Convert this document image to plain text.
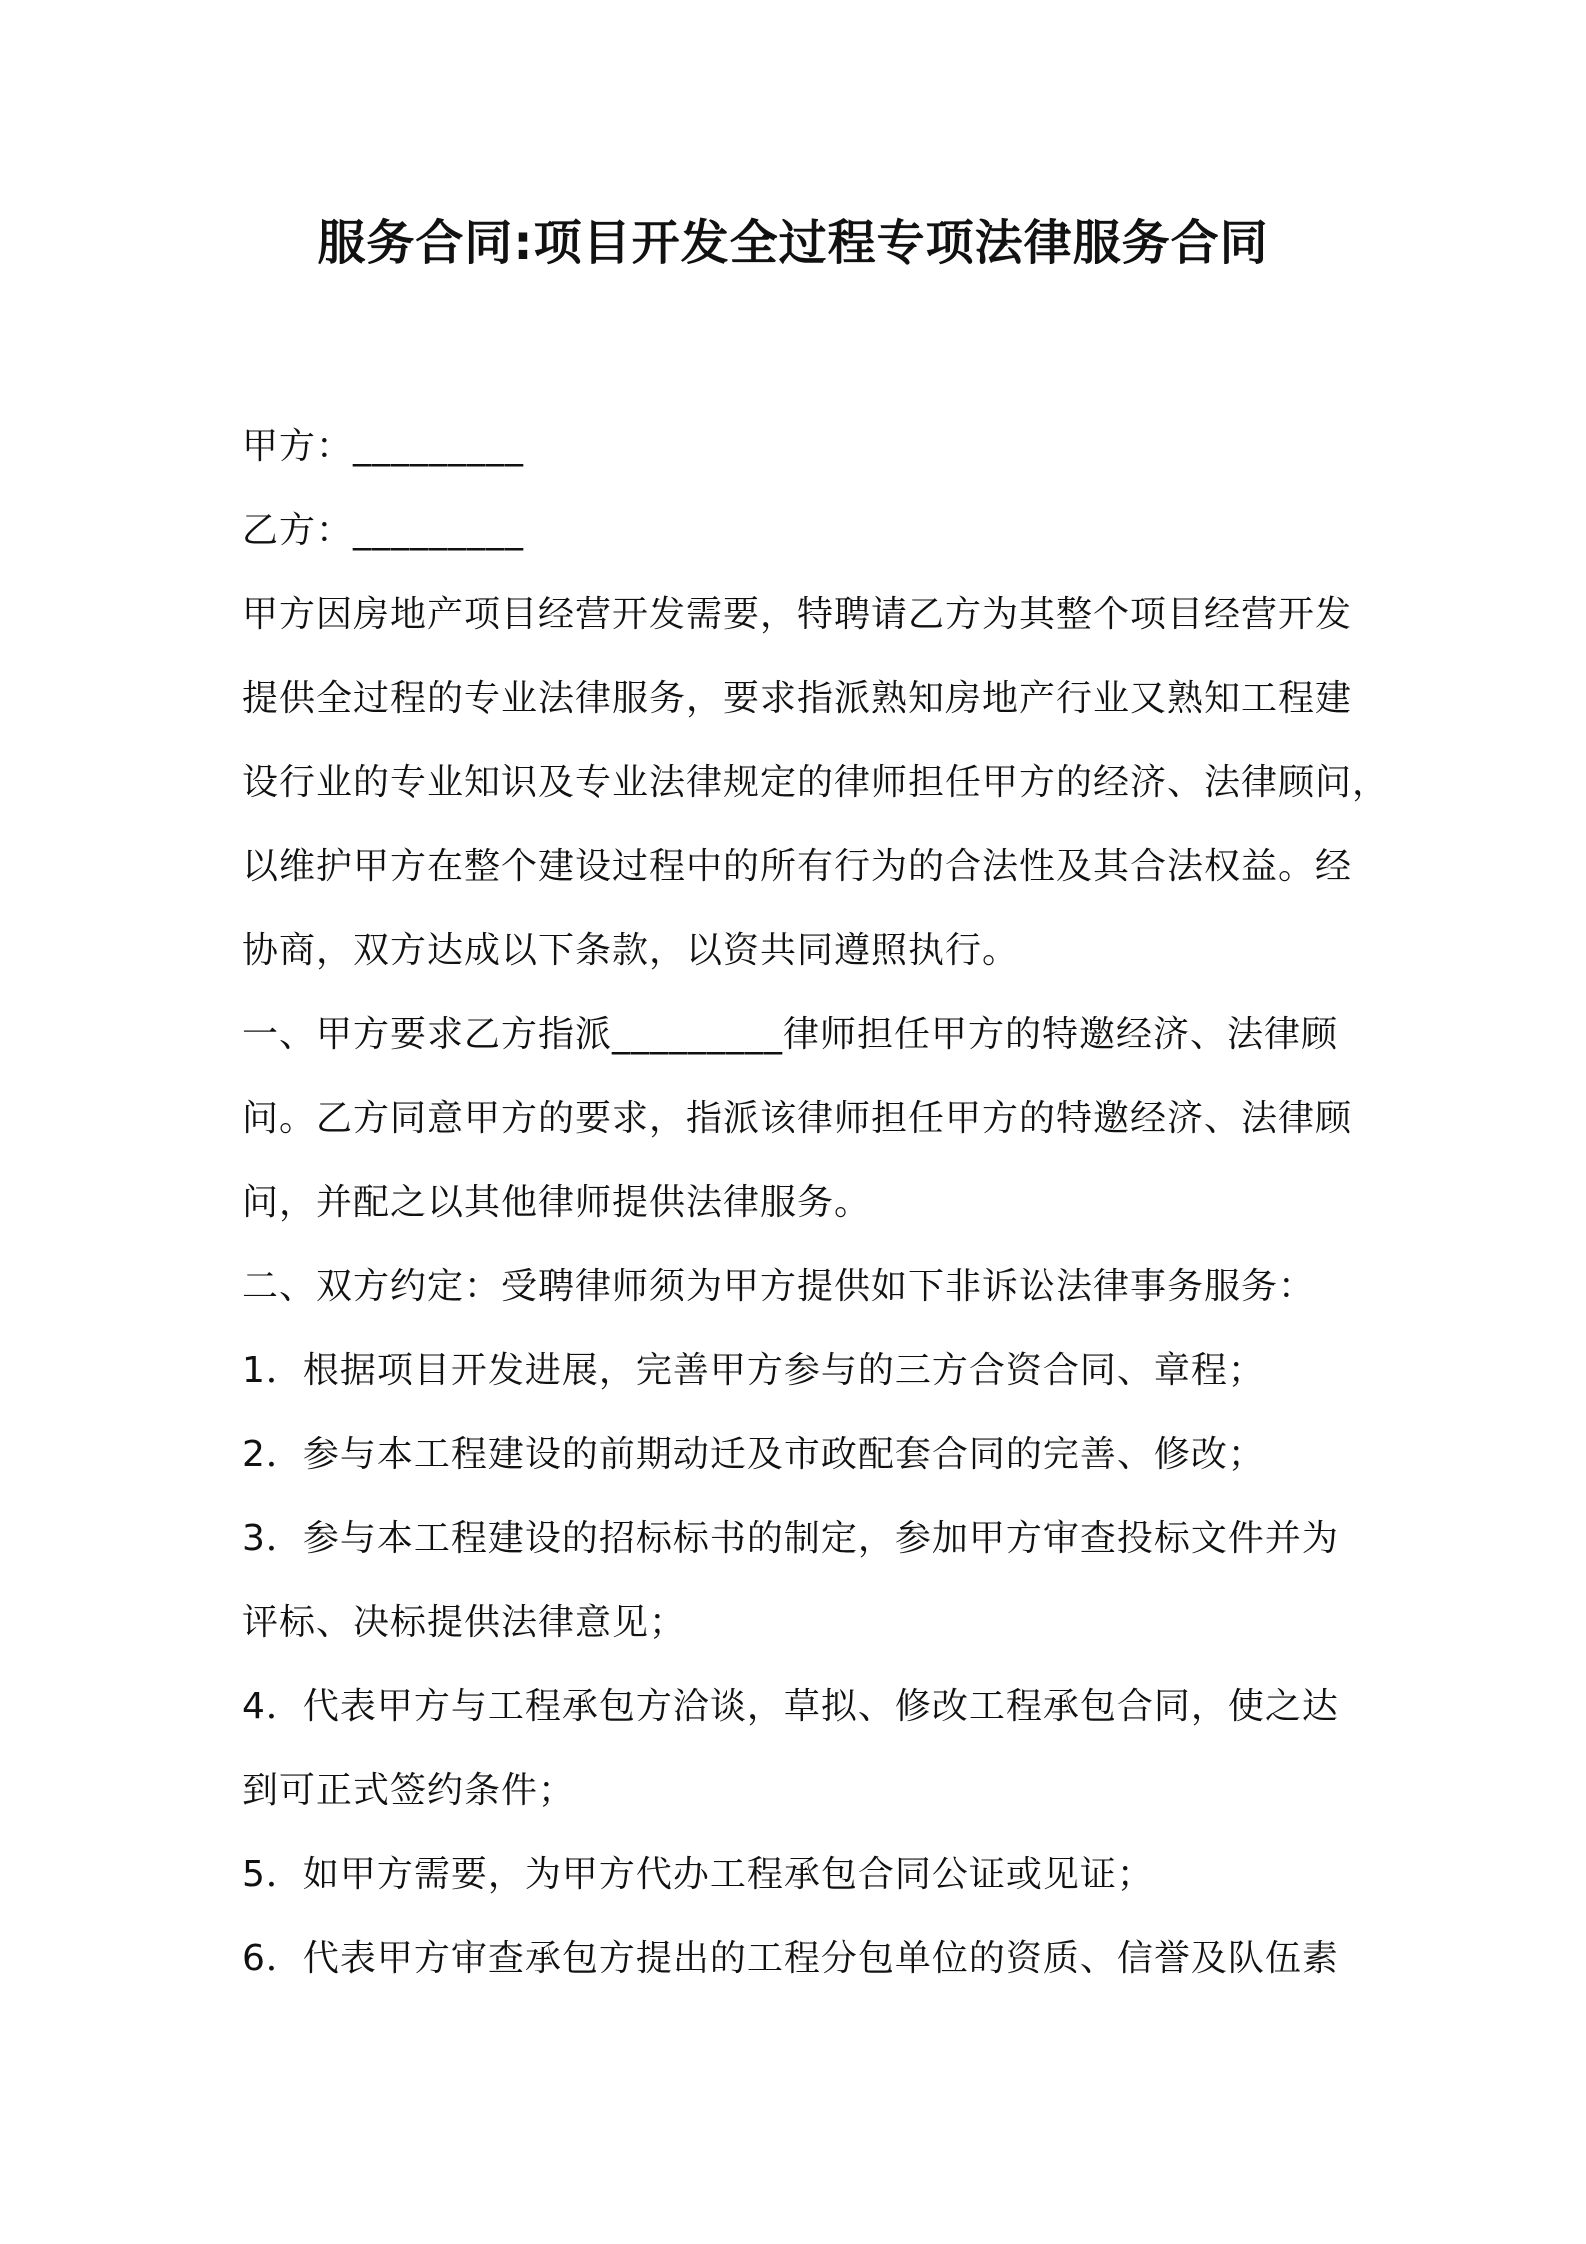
服务合同:项目开发全过程专项法律服务合同
甲方：_________
乙方：_________
甲方因房地产项目经营开发需要，特聘请乙方为其整个项目经营开发
提供全过程的专业法律服务，要求指派熟知房地产行业又熟知工程建
设行业的专业知识及专业法律规定的律师担任甲方的经济、法律顾问，
以维护甲方在整个建设过程中的所有行为的合法性及其合法权益。经
协商，双方达成以下条款，以资共同遵照执行。
一、甲方要求乙方指派_________律师担任甲方的特邀经济、法律顾
问。乙方同意甲方的要求，指派该律师担任甲方的特邀经济、法律顾
问，并配之以其他律师提供法律服务。
二、双方约定：受聘律师须为甲方提供如下非诉讼法律事务服务：
1．根据项目开发进展，完善甲方参与的三方合资合同、章程；
2．参与本工程建设的前期动迁及市政配套合同的完善、修改；
3．参与本工程建设的招标标书的制定，参加甲方审查投标文件并为
评标、决标提供法律意见；
4．代表甲方与工程承包方洽谈，草拟、修改工程承包合同，使之达
到可正式签约条件；
5．如甲方需要，为甲方代办工程承包合同公证或见证；
6．代表甲方审查承包方提出的工程分包单位的资质、信誉及队伍素
